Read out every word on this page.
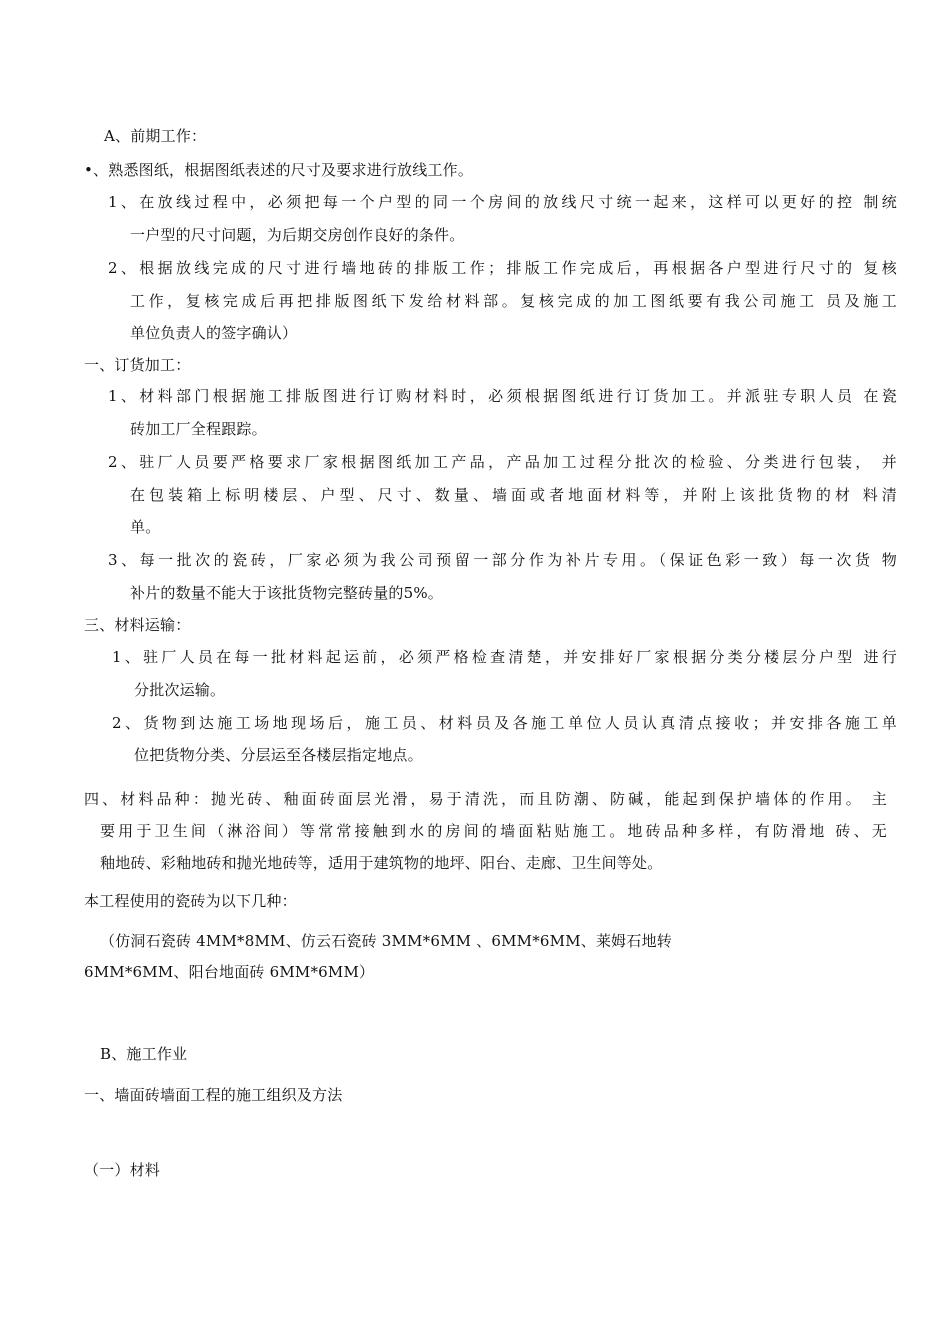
A、前期工作：
•、熟悉图纸，根据图纸表述的尺寸及要求进行放线工作。
1、在放线过程中，必须把每一个户型的同一个房间的放线尺寸统一起来，这样可以更好的控 制统
一户型的尺寸问题，为后期交房创作良好的条件。
2、根据放线完成的尺寸进行墙地砖的排版工作；排版工作完成后，再根据各户型进行尺寸的 复核
工作，复核完成后再把排版图纸下发给材料部。复核完成的加工图纸要有我公司施工 员及施工
单位负责人的签字确认）
一、订货加工：
1、材料部门根据施工排版图进行订购材料时，必须根据图纸进行订货加工。并派驻专职人员 在瓷
砖加工厂全程跟踪。
2、驻厂人员要严格要求厂家根据图纸加工产品，产品加工过程分批次的检验、分类进行包装， 并
在包装箱上标明楼层、户型、尺寸、数量、墙面或者地面材料等，并附上该批货物的材 料清
单。
3、每一批次的瓷砖，厂家必须为我公司预留一部分作为补片专用。（保证色彩一致）每一次货 物
补片的数量不能大于该批货物完整砖量的5%。
三、材料运输：
1、驻厂人员在每一批材料起运前，必须严格检查清楚，并安排好厂家根据分类分楼层分户型 进行
分批次运输。
2、货物到达施工场地现场后，施工员、材料员及各施工单位人员认真清点接收；并安排各施工单
位把货物分类、分层运至各楼层指定地点。
四、材料品种：抛光砖、釉面砖面层光滑，易于清洗，而且防潮、防碱，能起到保护墙体的作用。 主
要用于卫生间（淋浴间）等常常接触到水的房间的墙面粘贴施工。地砖品种多样，有防滑地 砖、无
釉地砖、彩釉地砖和抛光地砖等，适用于建筑物的地坪、阳台、走廊、卫生间等处。
本工程使用的瓷砖为以下几种：
（仿洞石瓷砖 4MM*8MM、仿云石瓷砖 3MM*6MM 、6MM*6MM、莱姆石地转
6MM*6MM、阳台地面砖 6MM*6MM）
B、施工作业
一、墙面砖墙面工程的施工组织及方法
（一）材料
